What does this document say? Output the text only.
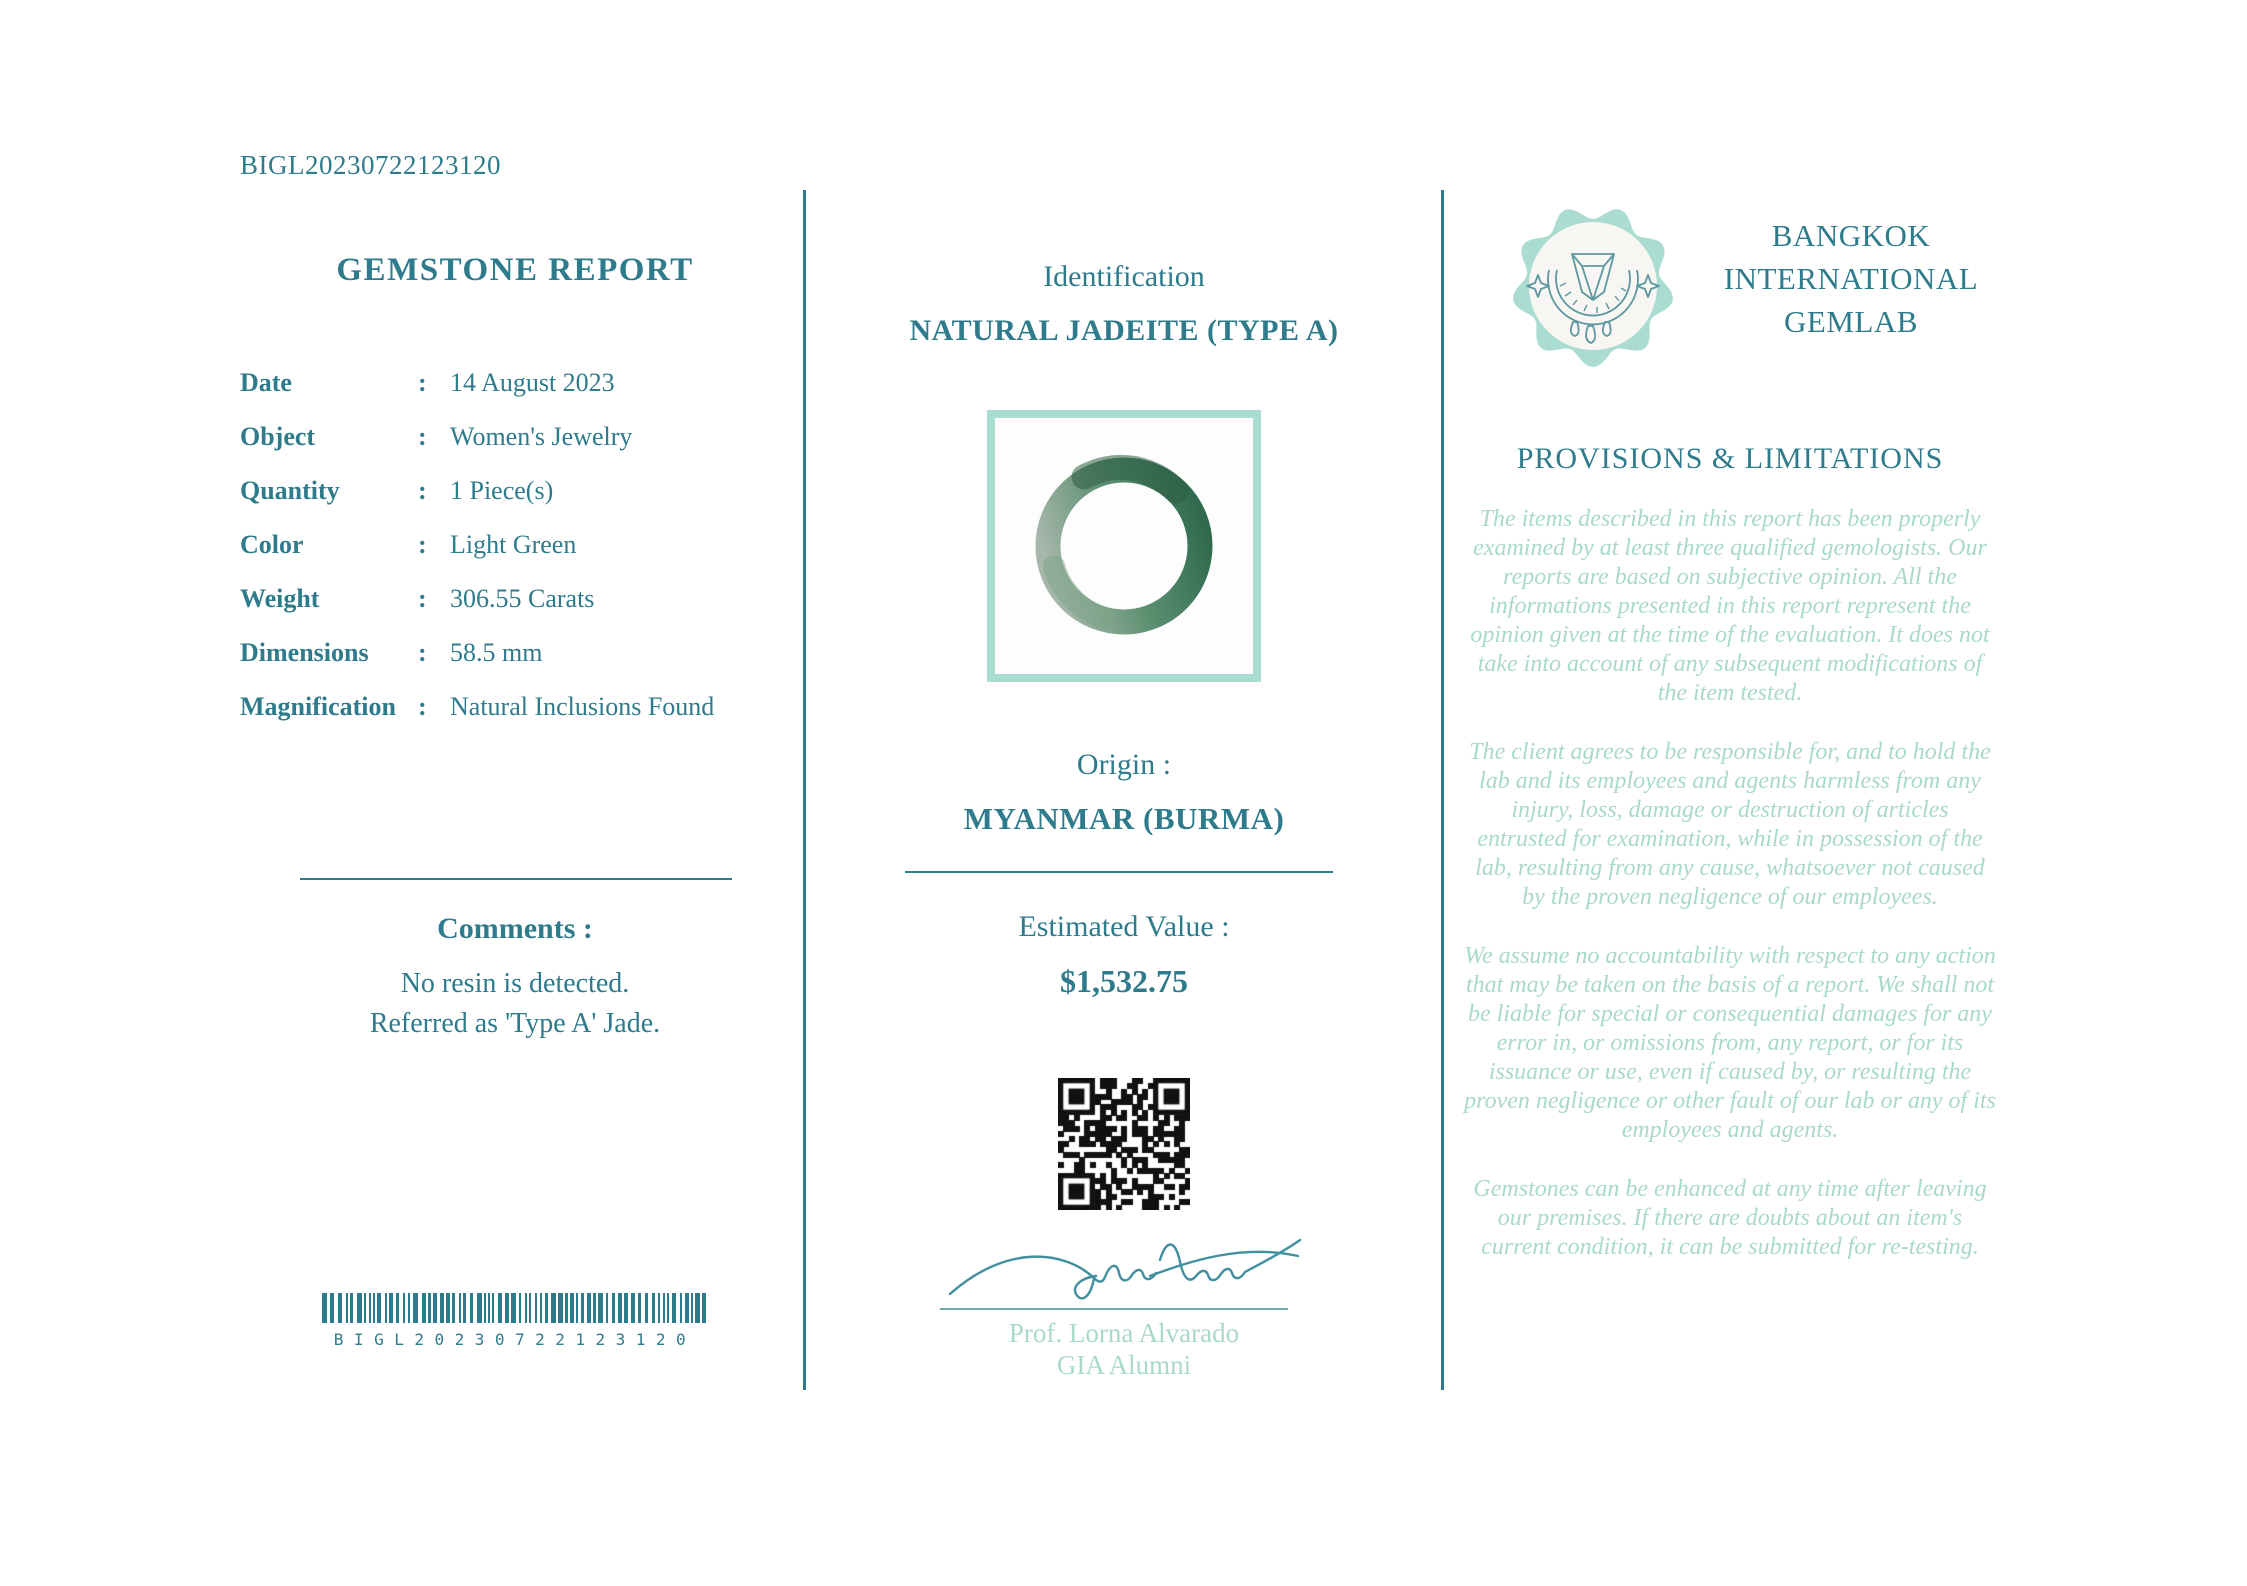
BIGL20230722123120
GEMSTONE REPORT
Date	: 14 August 2023
Object	: Women's Jewelry
Quantity	: 1 Piece(s)
Color	: Light Green
Weight	: 306.55 Carats
Dimensions	: 58.5 mm
Magnification : Natural Inclusions Found
Comments :
No resin is detected.
Referred as 'Type A' Jade.
BIGL20230722123120
Identification
NATURAL JADEITE (TYPE A)
Origin :
MYANMAR (BURMA)
Estimated Value :
$1,532.75
Prof. Lorna Alvarado
GIA Alumni
BANGKOK
INTERNATIONAL
GEMLAB
PROVISIONS & LIMITATIONS

The items described in this report has been properly examined by at least three qualified gemologists. Our reports are based on subjective opinion. All the informations presented in this report represent the opinion given at the time of the evaluation. It does not take into account of any subsequent modifications of the item tested.

The client agrees to be responsible for, and to hold the lab and its employees and agents harmless from any injury, loss, damage or destruction of articles entrusted for examination, while in possession of the lab, resulting from any cause, whatsoever not caused by the proven negligence of our employees.

We assume no accountability with respect to any action that may be taken on the basis of a report. We shall not be liable for special or consequential damages for any error in, or omissions from, any report, or for its issuance or use, even if caused by, or resulting the proven negligence or other fault of our lab or any of its employees and agents.

Gemstones can be enhanced at any time after leaving our premises. If there are doubts about an item's current condition, it can be submitted for re-testing.
